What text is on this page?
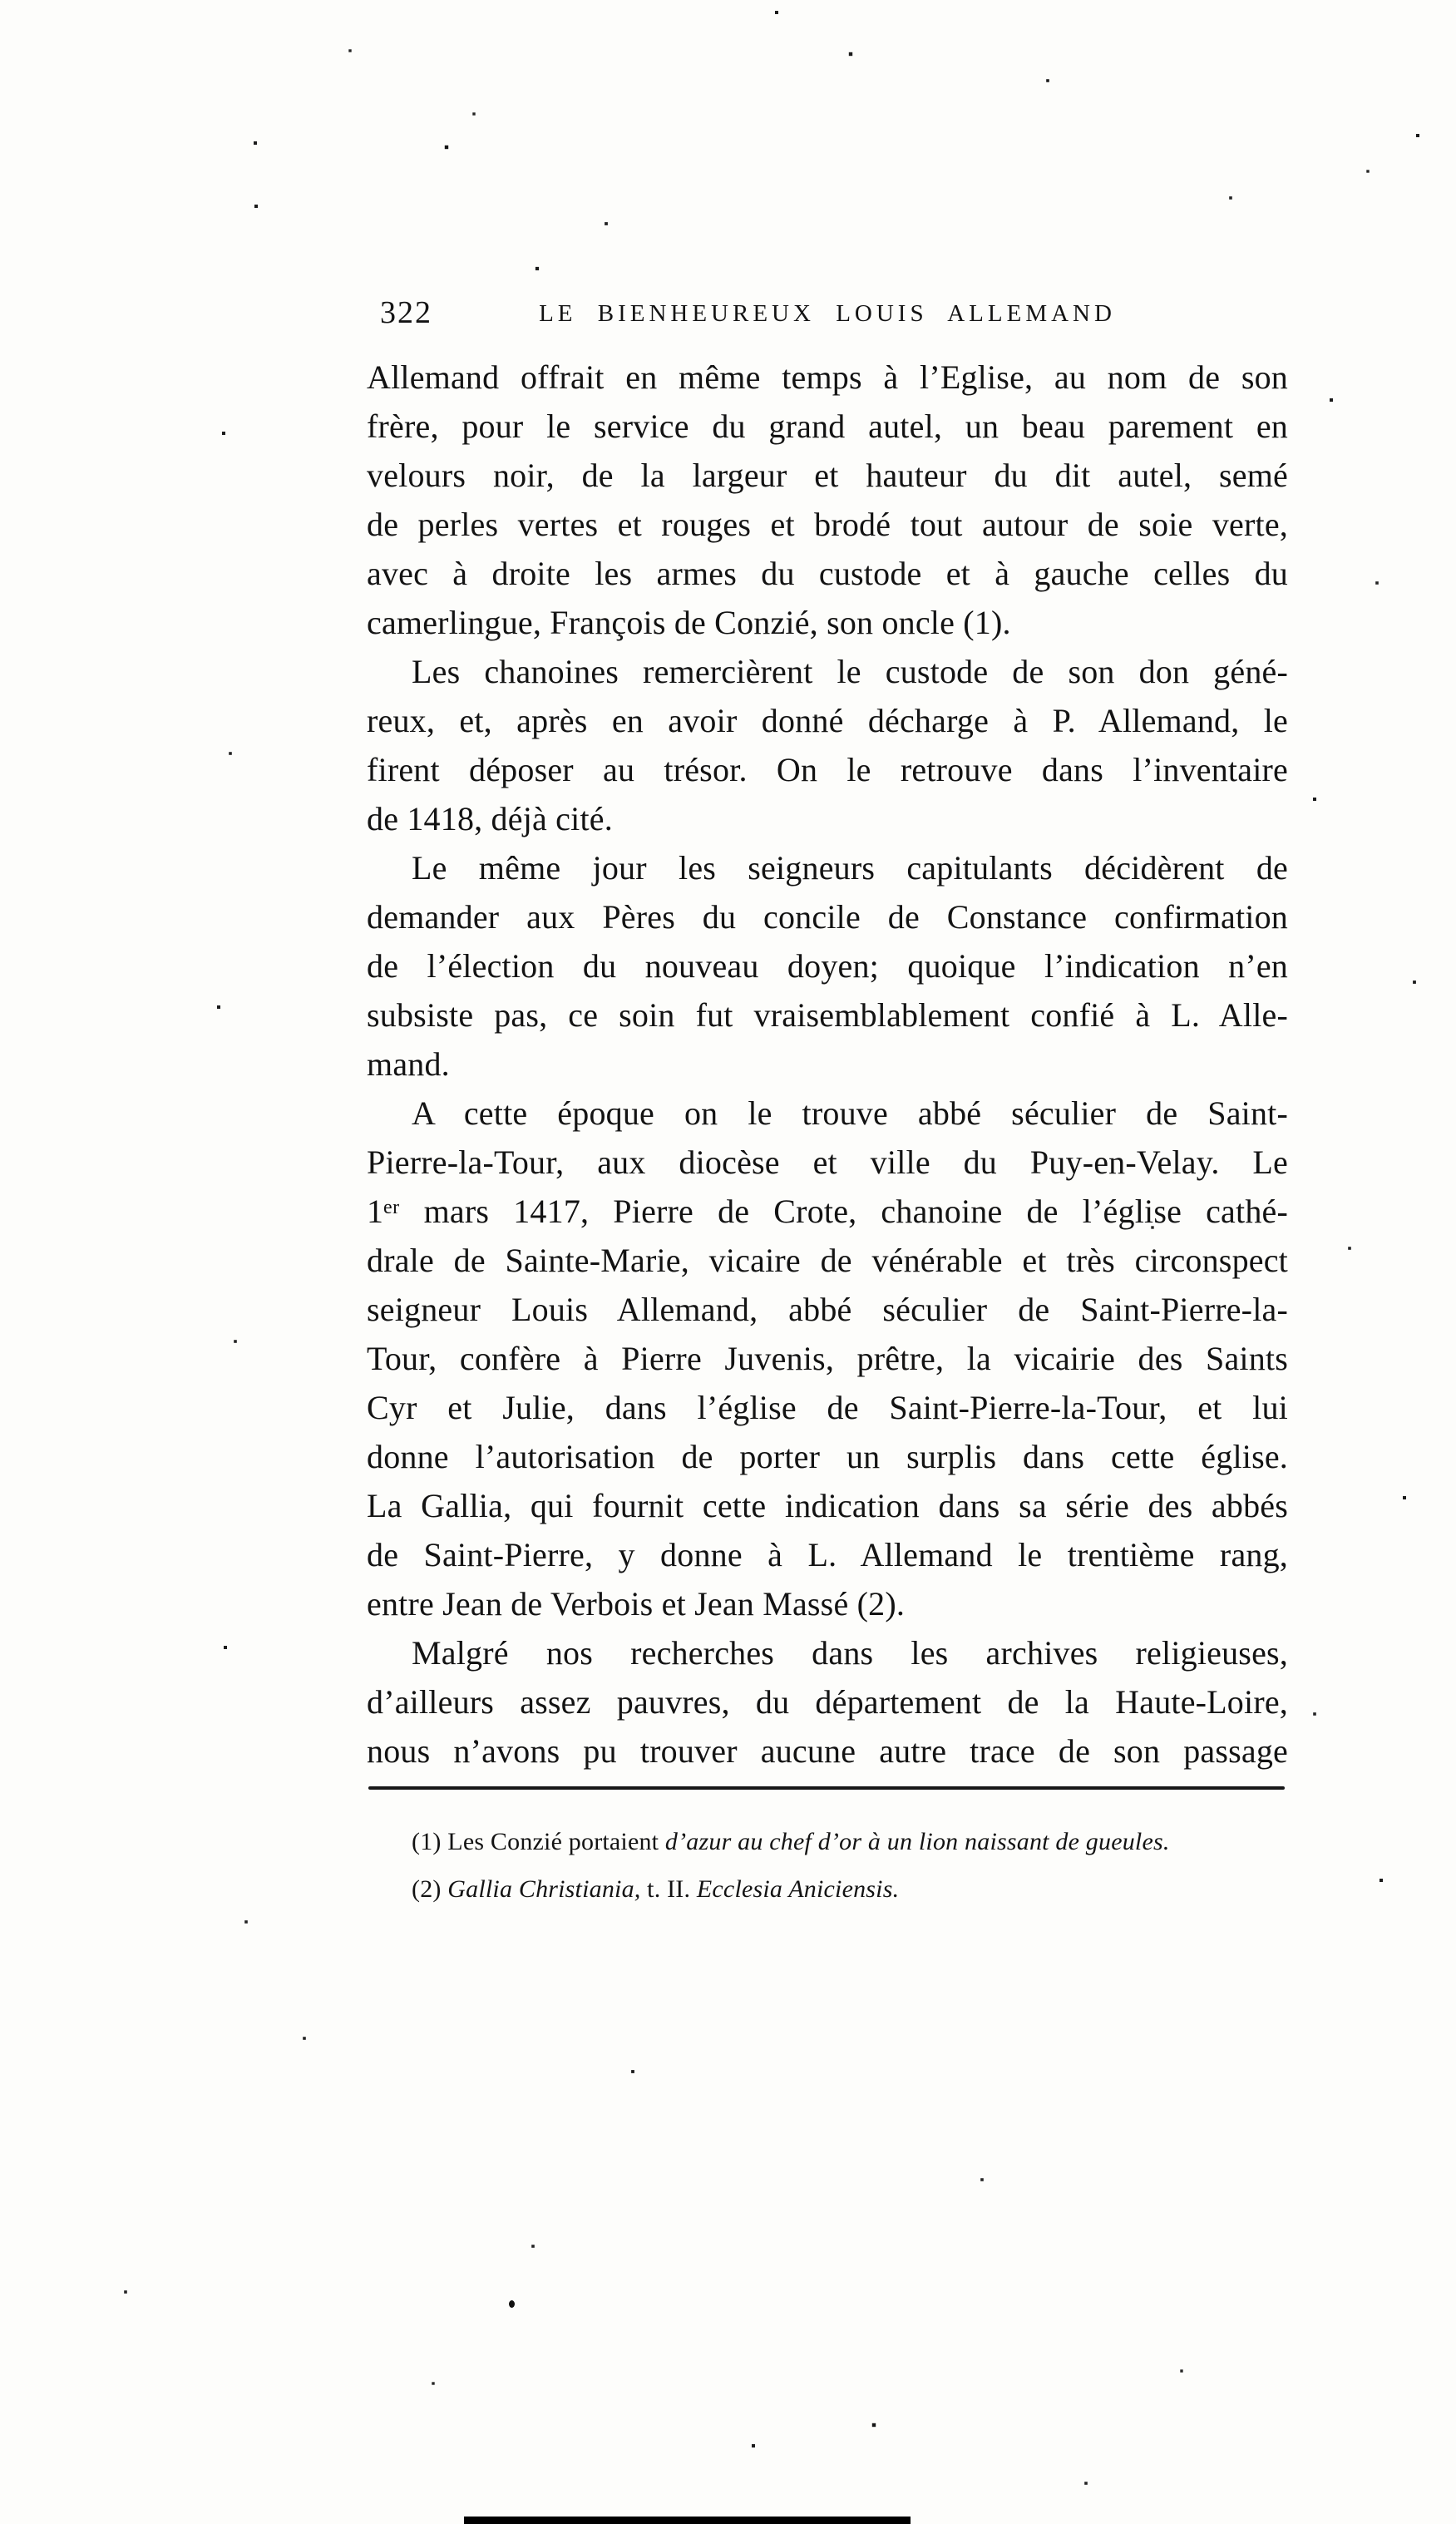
322	LE BIENHEUREUX LOUIS ALLEMAND
Allemand offrait en même temps à l’Eglise, au nom de son
frère, pour le service du grand autel, un beau parement en
velours noir, de la largeur et hauteur du dit autel, semé
de perles vertes et rouges et brodé tout autour de soie verte,
avec à droite les armes du custode et à gauche celles du
camerlingue, François de Conzié, son oncle (1).
Les chanoines remercièrent le custode de son don géné-
reux, et, après en avoir donné décharge à P. Allemand, le
firent déposer au trésor. On le retrouve dans l’inventaire
de 1418, déjà cité.
Le même jour les seigneurs capitulants décidèrent de
demander aux Pères du concile de Constance confirmation
de l’élection du nouveau doyen; quoique l’indication n’en
subsiste pas, ce soin fut vraisemblablement confié à L. Alle-
mand.
A cette époque on le trouve abbé séculier de Saint-
Pierre-la-Tour, aux diocèse et ville du Puy-en-Velay. Le
1ᵉʳ mars 1417, Pierre de Crote, chanoine de l’église cathé-
drale de Sainte-Marie, vicaire de vénérable et très circonspect
seigneur Louis Allemand, abbé séculier de Saint-Pierre-la-
Tour, confère à Pierre Juvenis, prêtre, la vicairie des Saints
Cyr et Julie, dans l’église de Saint-Pierre-la-Tour, et lui
donne l’autorisation de porter un surplis dans cette église.
La Gallia, qui fournit cette indication dans sa série des abbés
de Saint-Pierre, y donne à L. Allemand le trentième rang,
entre Jean de Verbois et Jean Massé (2).
Malgré nos recherches dans les archives religieuses,
d’ailleurs assez pauvres, du département de la Haute-Loire,
nous n’avons pu trouver aucune autre trace de son passage
(1) Les Conzié portaient d’azur au chef d’or à un lion naissant de gueules.
(2) Gallia Christiania, t. II. Ecclesia Aniciensis.
